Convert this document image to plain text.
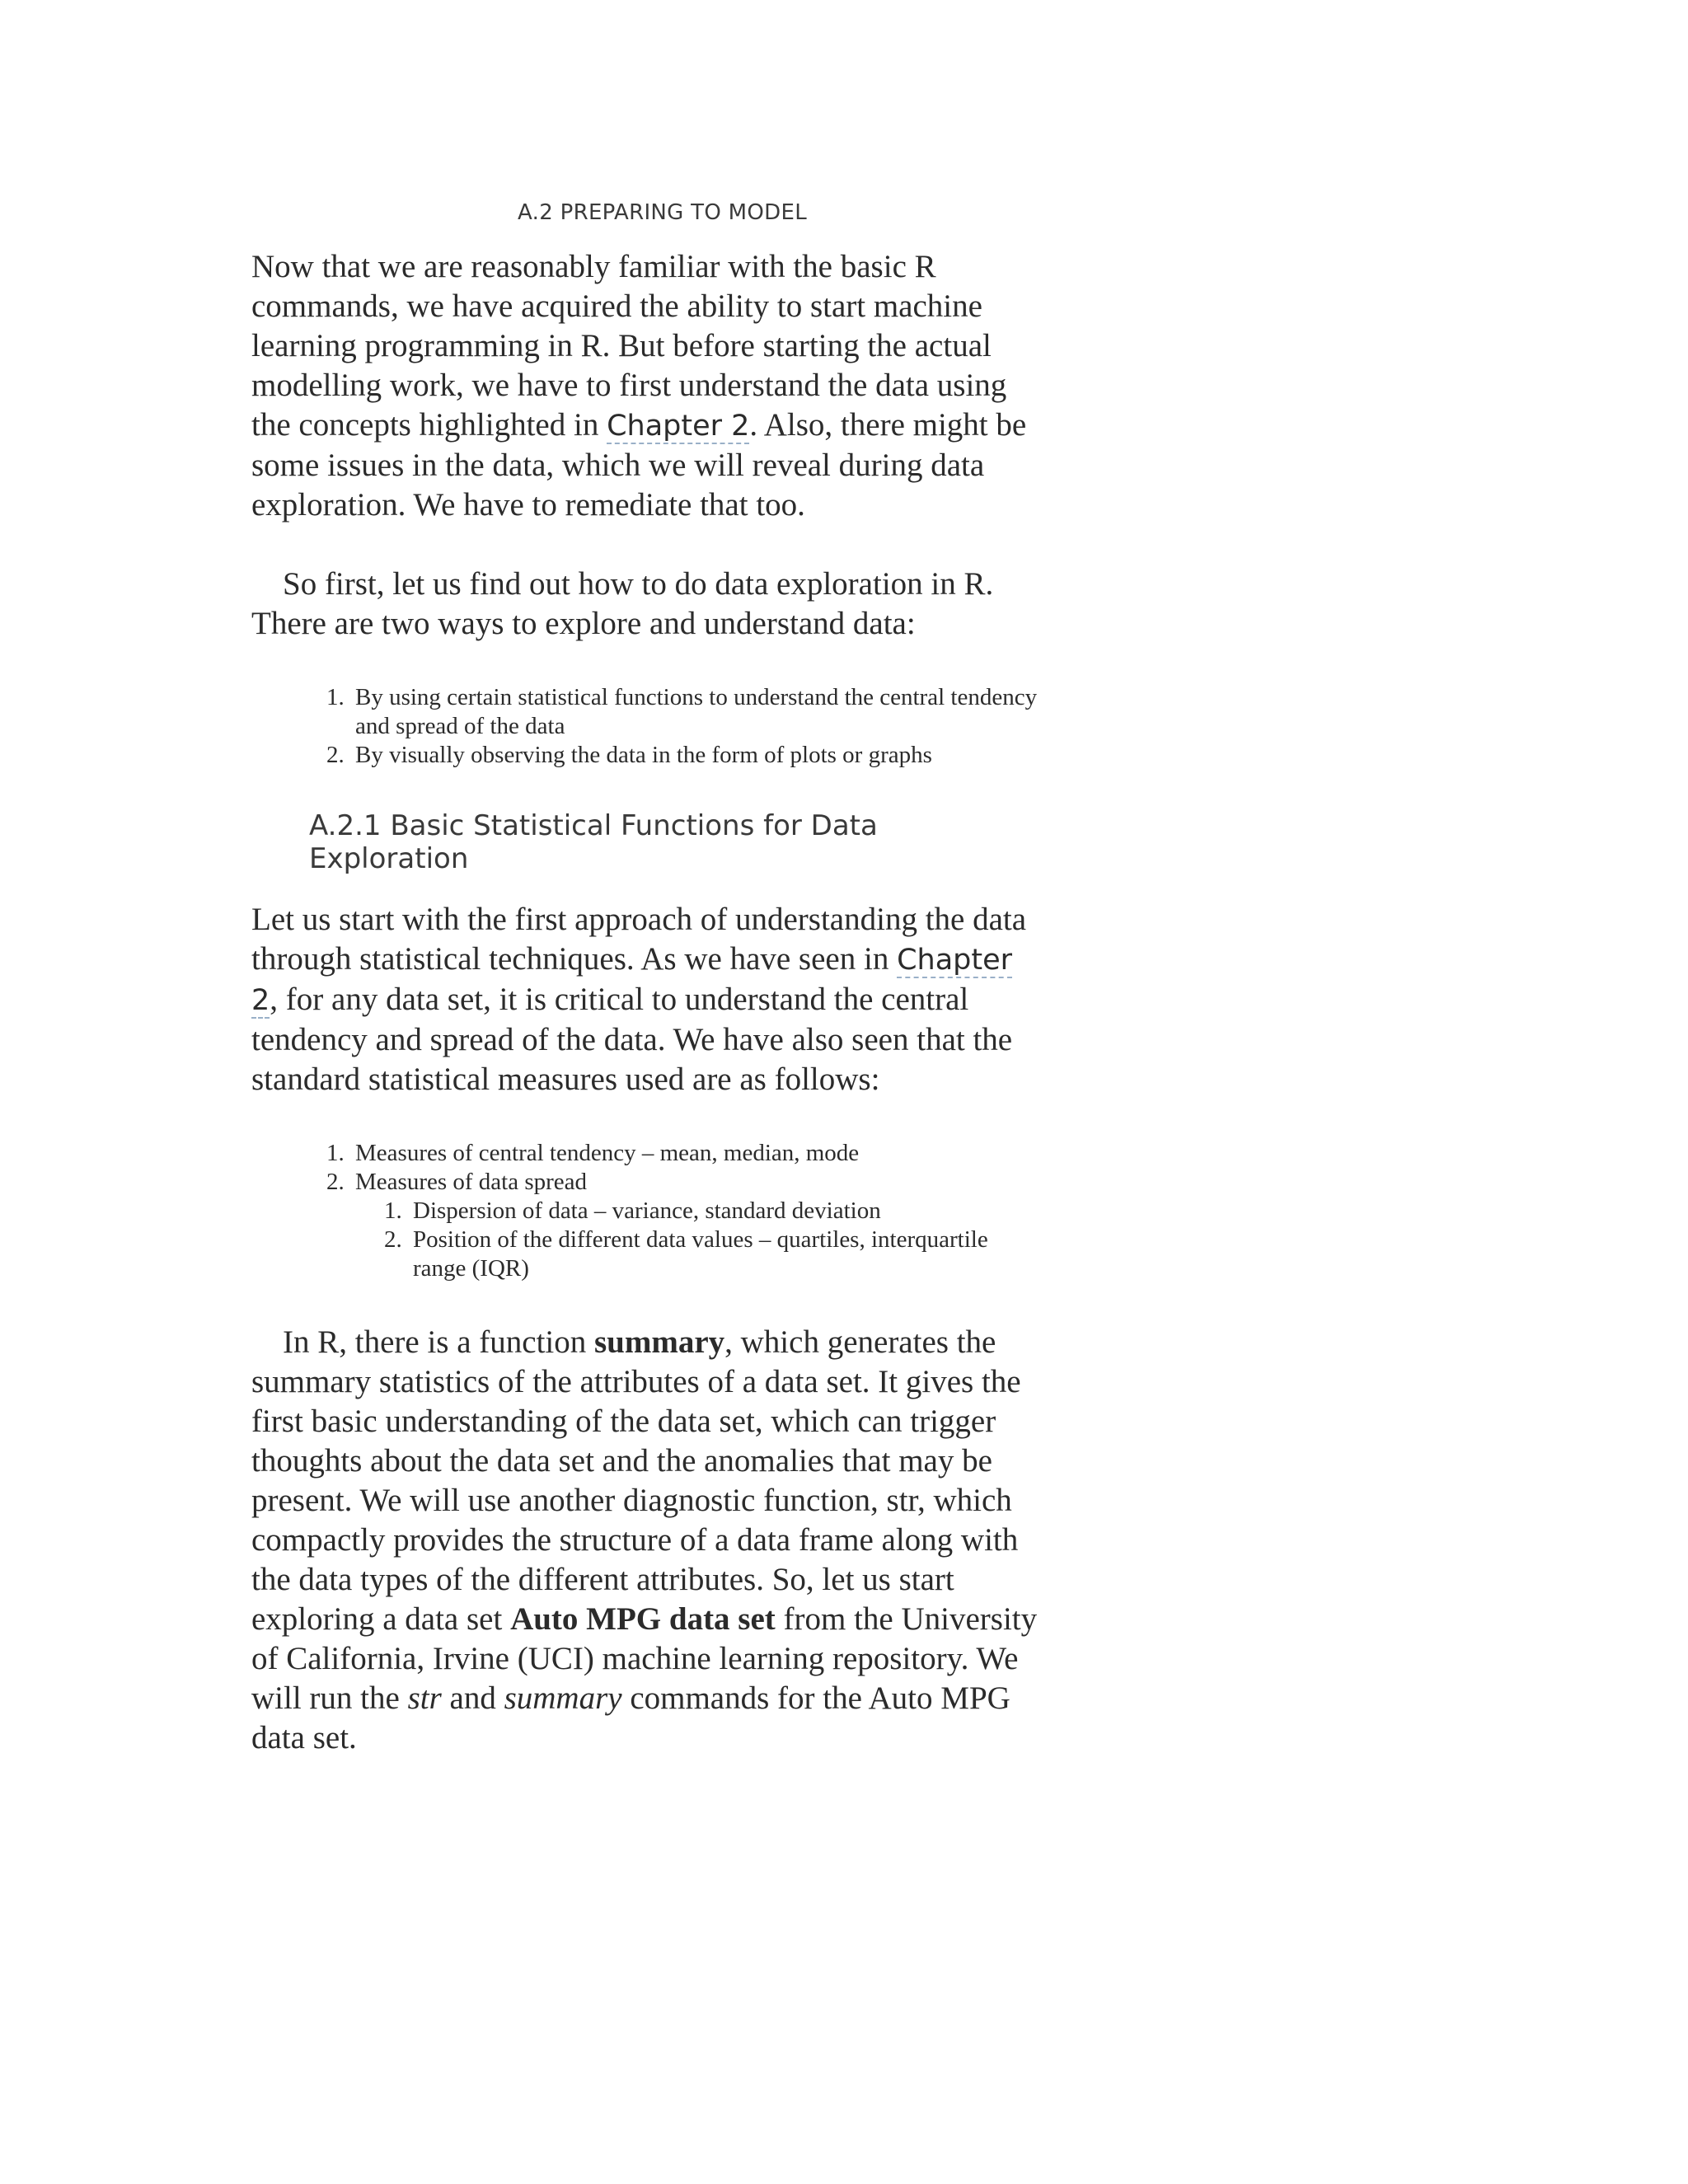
A.2 PREPARING TO MODEL

Now that we are reasonably familiar with the basic R commands, we have acquired the ability to start machine learning programming in R. But before starting the actual modelling work, we have to first understand the data using the concepts highlighted in Chapter 2. Also, there might be some issues in the data, which we will reveal during data exploration. We have to remediate that too.

So first, let us find out how to do data exploration in R. There are two ways to explore and understand data:

1. By using certain statistical functions to understand the central tendency and spread of the data
2. By visually observing the data in the form of plots or graphs
A.2.1 Basic Statistical Functions for Data Exploration

Let us start with the first approach of understanding the data through statistical techniques. As we have seen in Chapter 2, for any data set, it is critical to understand the central tendency and spread of the data. We have also seen that the standard statistical measures used are as follows:

1. Measures of central tendency – mean, median, mode
2. Measures of data spread
1. Dispersion of data – variance, standard deviation
2. Position of the different data values – quartiles, interquartile range (IQR)

In R, there is a function summary, which generates the summary statistics of the attributes of a data set. It gives the first basic understanding of the data set, which can trigger thoughts about the data set and the anomalies that may be present. We will use another diagnostic function, str, which compactly provides the structure of a data frame along with the data types of the different attributes. So, let us start exploring a data set Auto MPG data set from the University of California, Irvine (UCI) machine learning repository. We will run the str and summary commands for the Auto MPG data set.
